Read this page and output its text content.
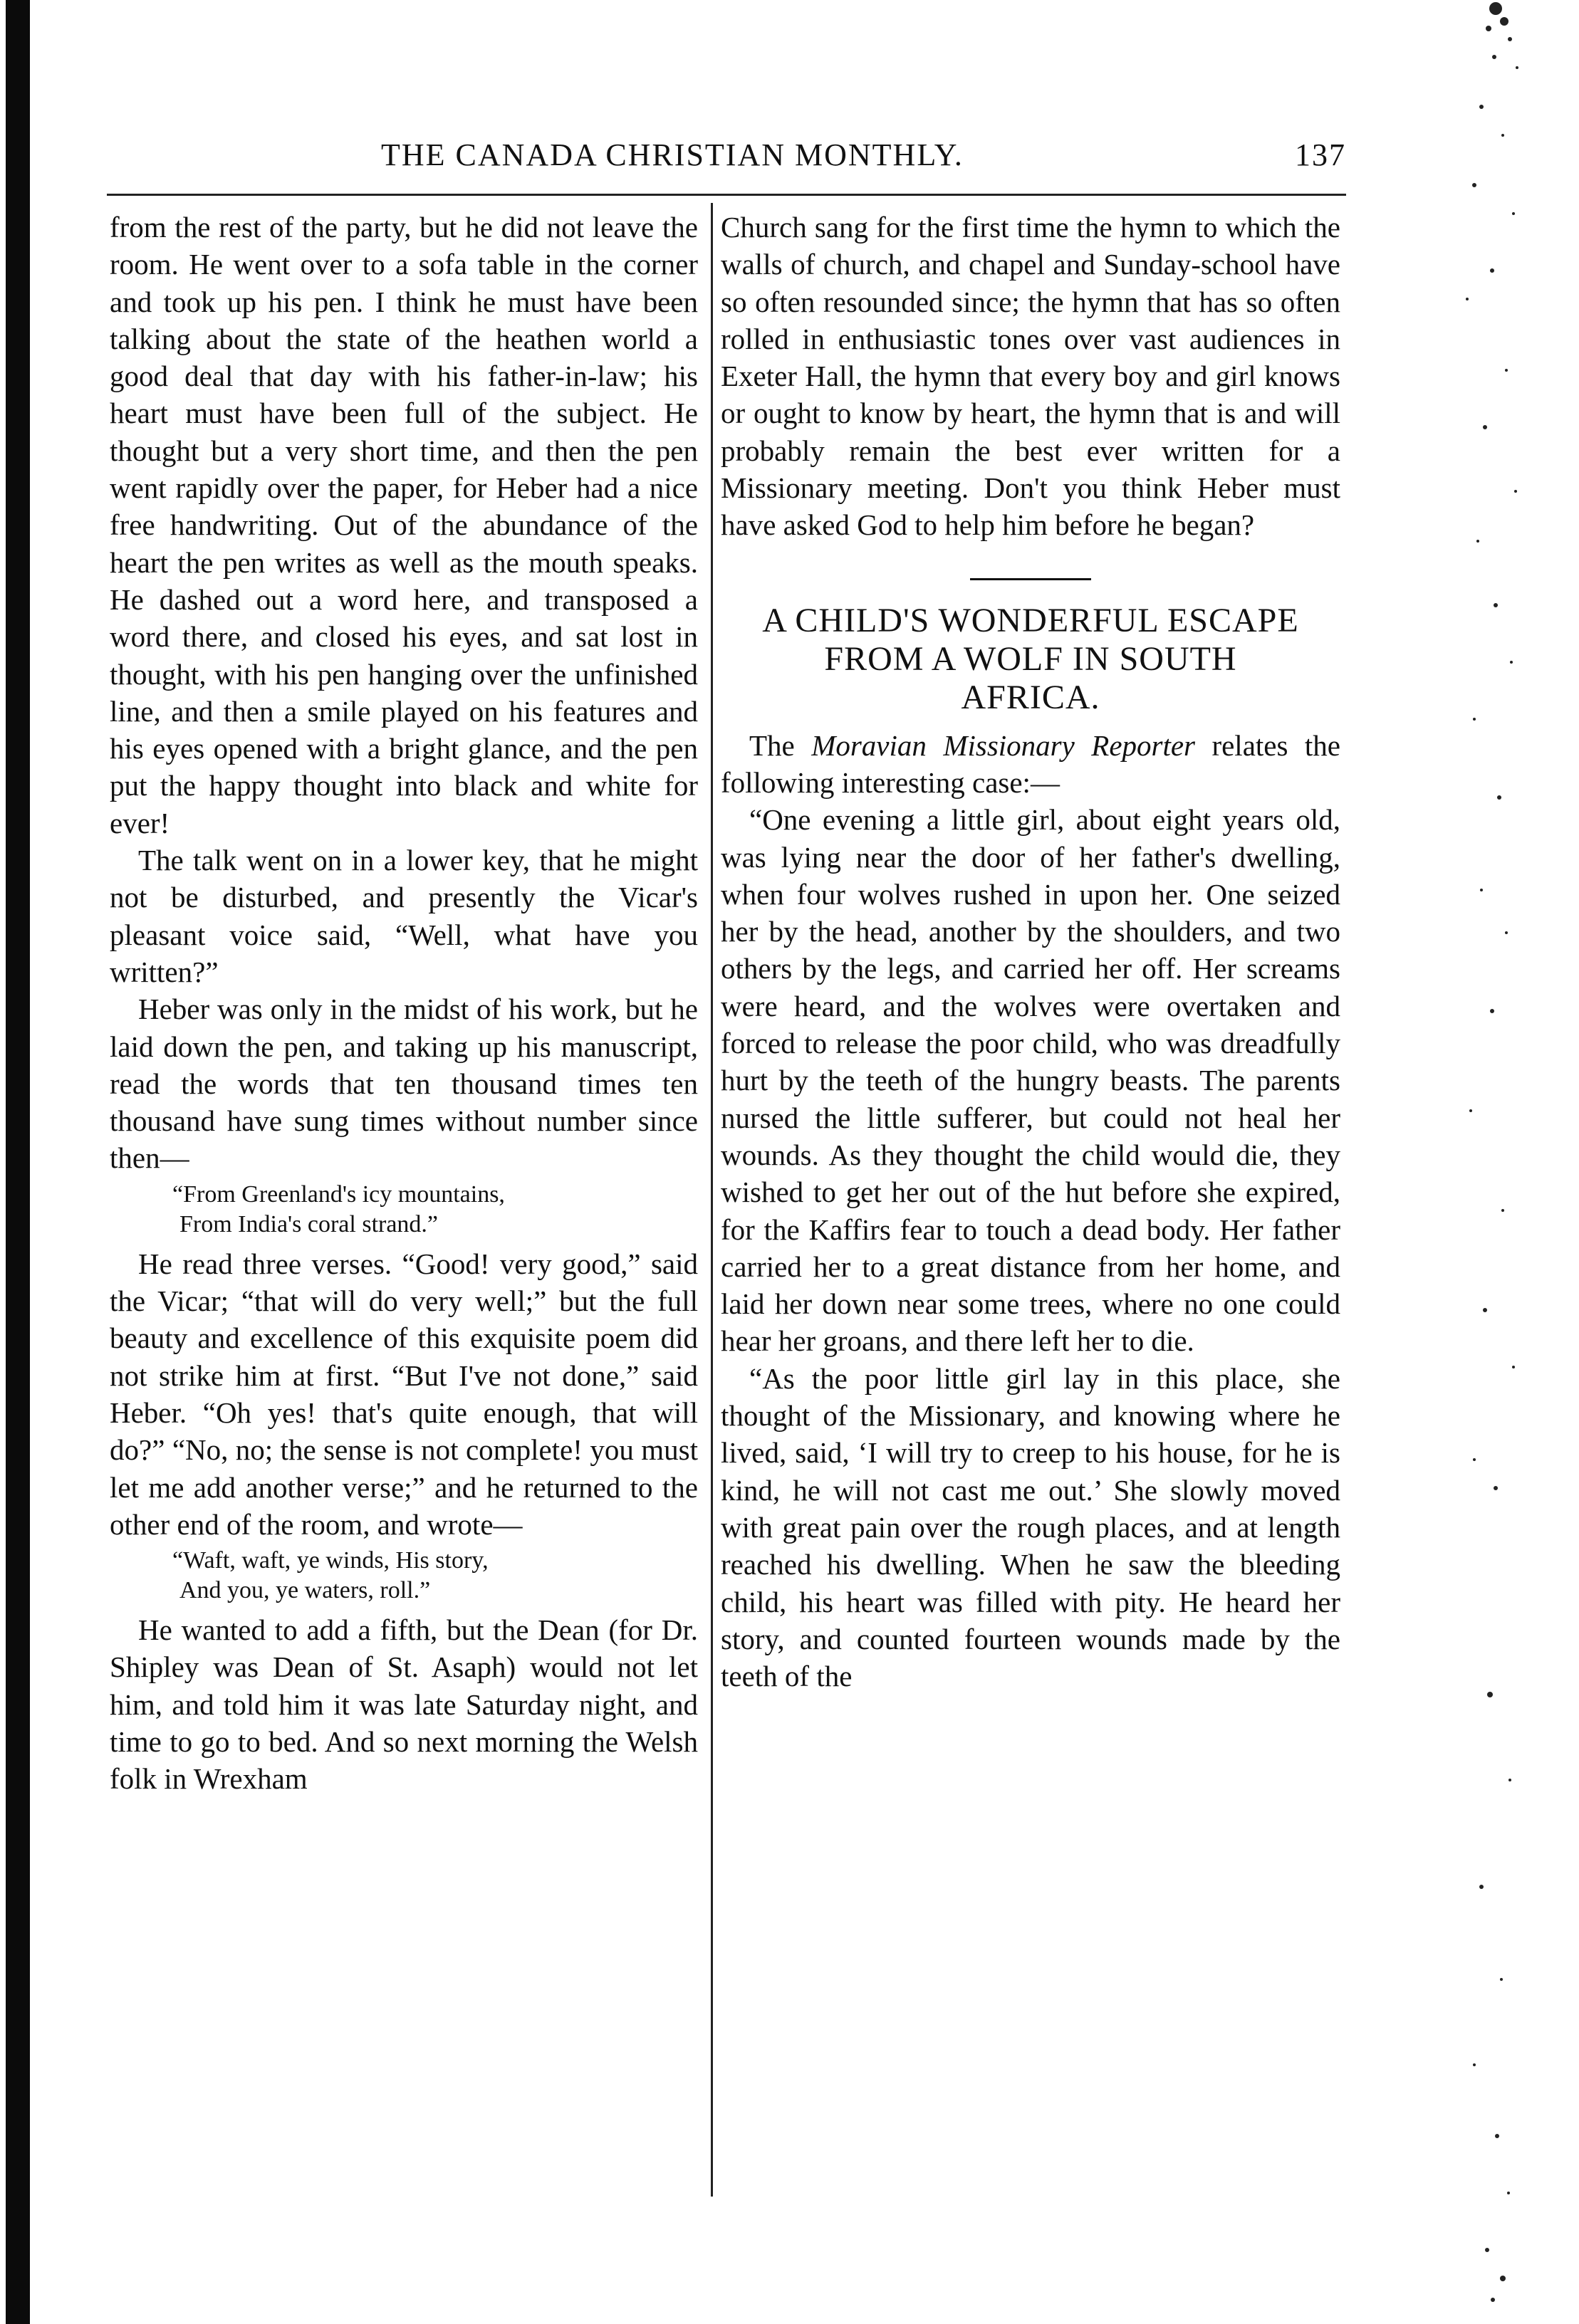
THE CANADA CHRISTIAN MONTHLY.	137

from the rest of the party, but he did not leave the room. He went over to a sofa table in the corner and took up his pen. I think he must have been talking about the state of the heathen world a good deal that day with his father-in-law; his heart must have been full of the subject. He thought but a very short time, and then the pen went rapidly over the paper, for Heber had a nice free handwriting. Out of the abundance of the heart the pen writes as well as the mouth speaks. He dashed out a word here, and transposed a word there, and closed his eyes, and sat lost in thought, with his pen hanging over the unfinished line, and then a smile played on his features and his eyes opened with a bright glance, and the pen put the happy thought into black and white for ever!

The talk went on in a lower key, that he might not be disturbed, and presently the Vicar's pleasant voice said, “Well, what have you written?”

Heber was only in the midst of his work, but he laid down the pen, and taking up his manuscript, read the words that ten thousand times ten thousand have sung times without number since then—

“From Greenland's icy mountains,
From India's coral strand.”

He read three verses. “Good! very good,” said the Vicar; “that will do very well;” but the full beauty and excellence of this exquisite poem did not strike him at first. “But I've not done,” said Heber. “Oh yes! that's quite enough, that will do?” “No, no; the sense is not complete! you must let me add another verse;” and he returned to the other end of the room, and wrote—

“Waft, waft, ye winds, His story,
And you, ye waters, roll.”

He wanted to add a fifth, but the Dean (for Dr. Shipley was Dean of St. Asaph) would not let him, and told him it was late Saturday night, and time to go to bed. And so next morning the Welsh folk in Wrexham

Church sang for the first time the hymn to which the walls of church, and chapel and Sunday-school have so often resounded since; the hymn that has so often rolled in enthusiastic tones over vast audiences in Exeter Hall, the hymn that every boy and girl knows or ought to know by heart, the hymn that is and will probably remain the best ever written for a Missionary meeting. Don't you think Heber must have asked God to help him before he began?

A CHILD'S WONDERFUL ESCAPE
FROM A WOLF IN SOUTH
AFRICA.

The Moravian Missionary Reporter relates the following interesting case:—

“One evening a little girl, about eight years old, was lying near the door of her father's dwelling, when four wolves rushed in upon her. One seized her by the head, another by the shoulders, and two others by the legs, and carried her off. Her screams were heard, and the wolves were overtaken and forced to release the poor child, who was dreadfully hurt by the teeth of the hungry beasts. The parents nursed the little sufferer, but could not heal her wounds. As they thought the child would die, they wished to get her out of the hut before she expired, for the Kaffirs fear to touch a dead body. Her father carried her to a great distance from her home, and laid her down near some trees, where no one could hear her groans, and there left her to die.

“As the poor little girl lay in this place, she thought of the Missionary, and knowing where he lived, said, ‘I will try to creep to his house, for he is kind, he will not cast me out.’ She slowly moved with great pain over the rough places, and at length reached his dwelling. When he saw the bleeding child, his heart was filled with pity. He heard her story, and counted fourteen wounds made by the teeth of the
